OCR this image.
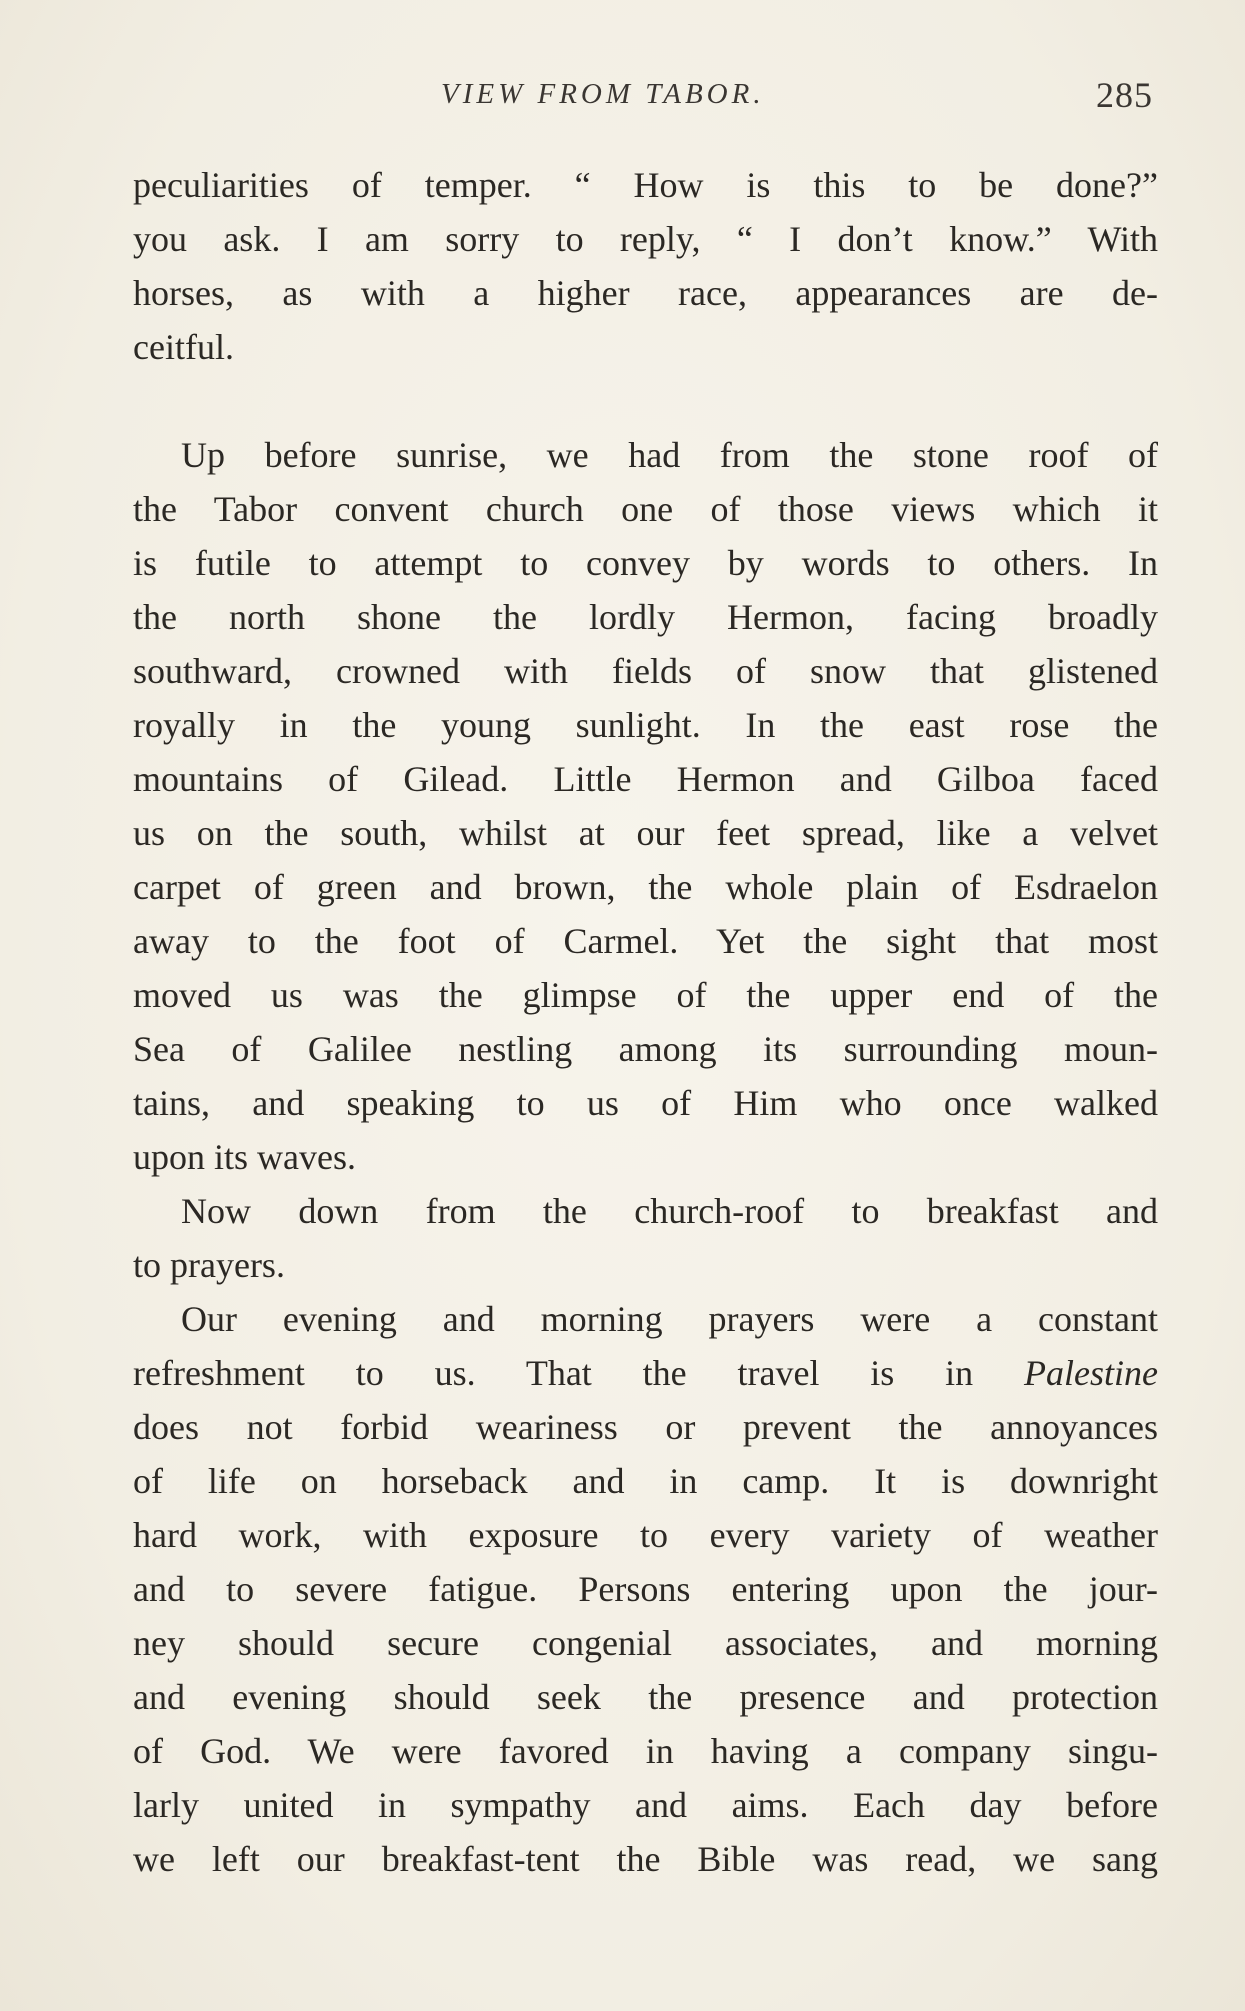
VIEW FROM TABOR.	285
peculiarities of temper. “ How is this to be done?”
you ask. I am sorry to reply, “ I don’t know.” With
horses, as with a higher race, appearances are de-
ceitful.
Up before sunrise, we had from the stone roof of
the Tabor convent church one of those views which it
is futile to attempt to convey by words to others. In
the north shone the lordly Hermon, facing broadly
southward, crowned with fields of snow that glistened
royally in the young sunlight. In the east rose the
mountains of Gilead. Little Hermon and Gilboa faced
us on the south, whilst at our feet spread, like a velvet
carpet of green and brown, the whole plain of Esdraelon
away to the foot of Carmel. Yet the sight that most
moved us was the glimpse of the upper end of the
Sea of Galilee nestling among its surrounding moun-
tains, and speaking to us of Him who once walked
upon its waves.
Now down from the church-roof to breakfast and
to prayers.
Our evening and morning prayers were a constant
refreshment to us. That the travel is in Palestine
does not forbid weariness or prevent the annoyances
of life on horseback and in camp. It is downright
hard work, with exposure to every variety of weather
and to severe fatigue. Persons entering upon the jour-
ney should secure congenial associates, and morning
and evening should seek the presence and protection
of God. We were favored in having a company singu-
larly united in sympathy and aims. Each day before
we left our breakfast-tent the Bible was read, we sang
